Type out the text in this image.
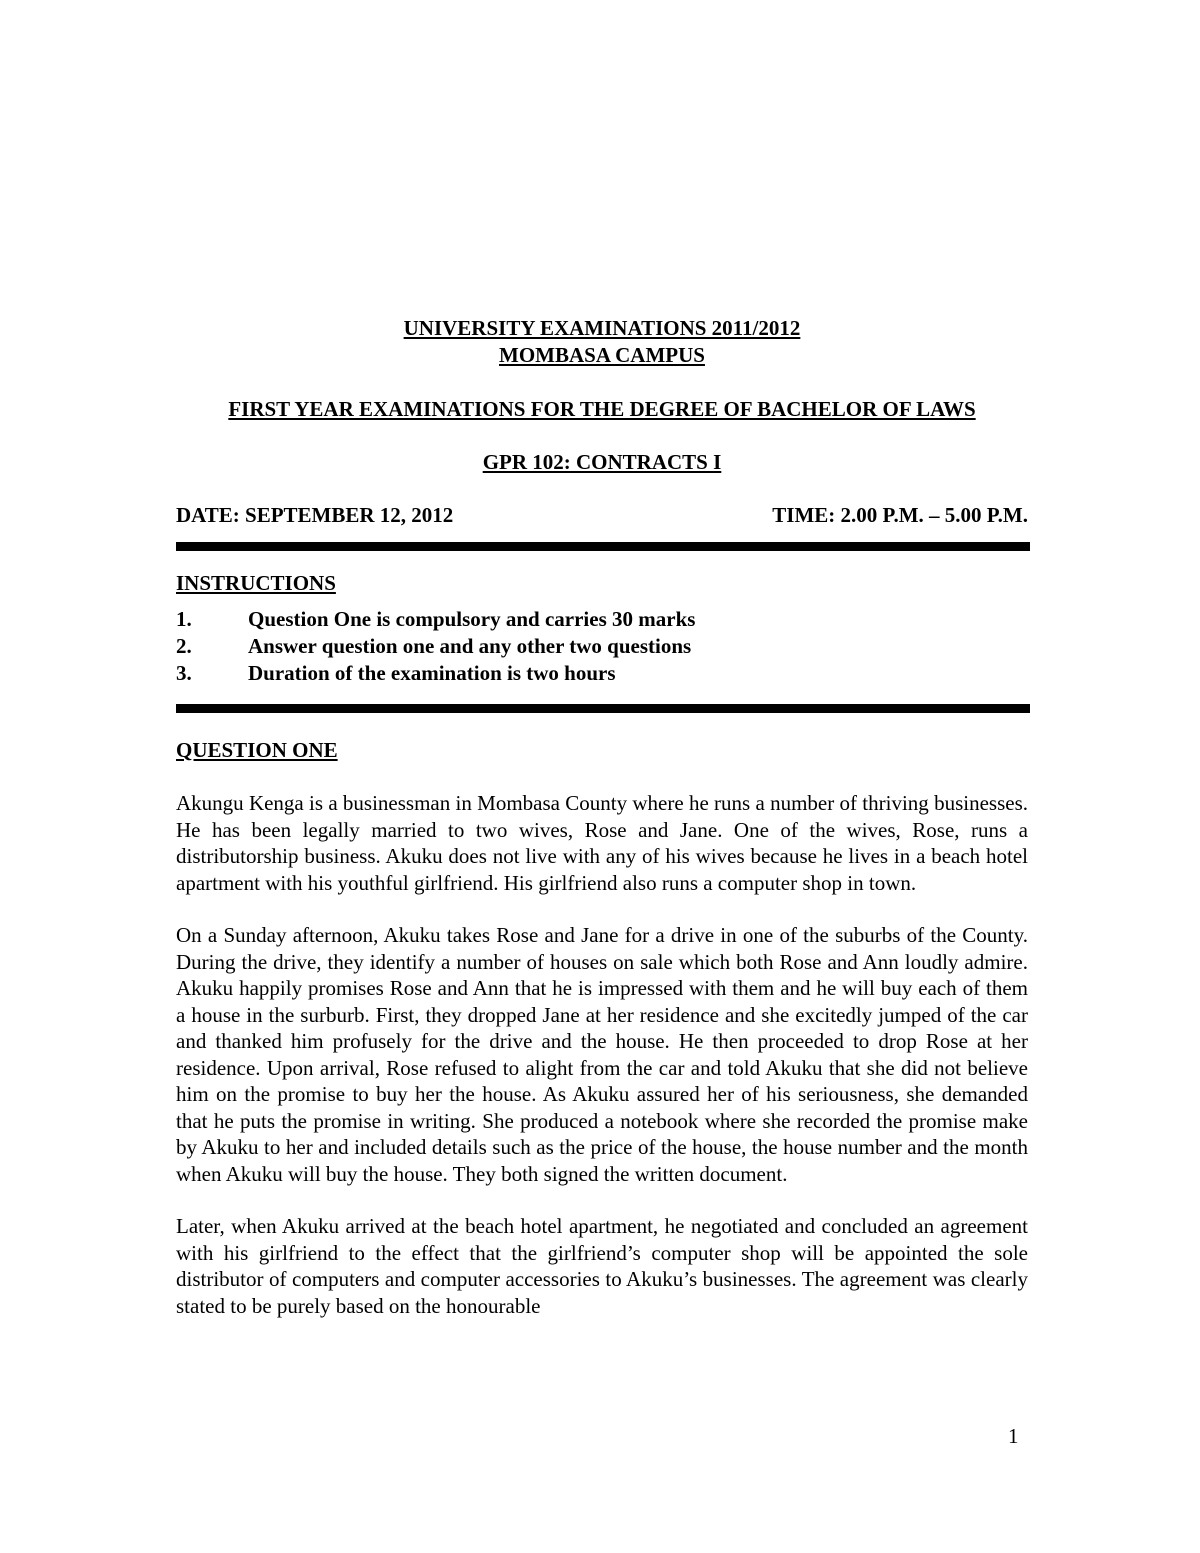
UNIVERSITY EXAMINATIONS 2011/2012
MOMBASA CAMPUS
FIRST YEAR EXAMINATIONS FOR THE DEGREE OF BACHELOR OF LAWS
GPR 102: CONTRACTS I
DATE: SEPTEMBER 12, 2012	TIME: 2.00 P.M. – 5.00 P.M.
INSTRUCTIONS
1.	Question One is compulsory and carries 30 marks
2.	Answer question one and any other two questions
3.	Duration of the examination is two hours
QUESTION ONE

Akungu Kenga is a businessman in Mombasa County where he runs a number of thriving businesses. He has been legally married to two wives, Rose and Jane. One of the wives, Rose, runs a distributorship business. Akuku does not live with any of his wives because he lives in a beach hotel apartment with his youthful girlfriend. His girlfriend also runs a computer shop in town.

On a Sunday afternoon, Akuku takes Rose and Jane for a drive in one of the suburbs of the County. During the drive, they identify a number of houses on sale which both Rose and Ann loudly admire. Akuku happily promises Rose and Ann that he is impressed with them and he will buy each of them a house in the surburb. First, they dropped Jane at her residence and she excitedly jumped of the car and thanked him profusely for the drive and the house. He then proceeded to drop Rose at her residence. Upon arrival, Rose refused to alight from the car and told Akuku that she did not believe him on the promise to buy her the house. As Akuku assured her of his seriousness, she demanded that he puts the promise in writing. She produced a notebook where she recorded the promise make by Akuku to her and included details such as the price of the house, the house number and the month when Akuku will buy the house. They both signed the written document.

Later, when Akuku arrived at the beach hotel apartment, he negotiated and concluded an agreement with his girlfriend to the effect that the girlfriend’s computer shop will be appointed the sole distributor of computers and computer accessories to Akuku’s businesses. The agreement was clearly stated to be purely based on the honourable

1
